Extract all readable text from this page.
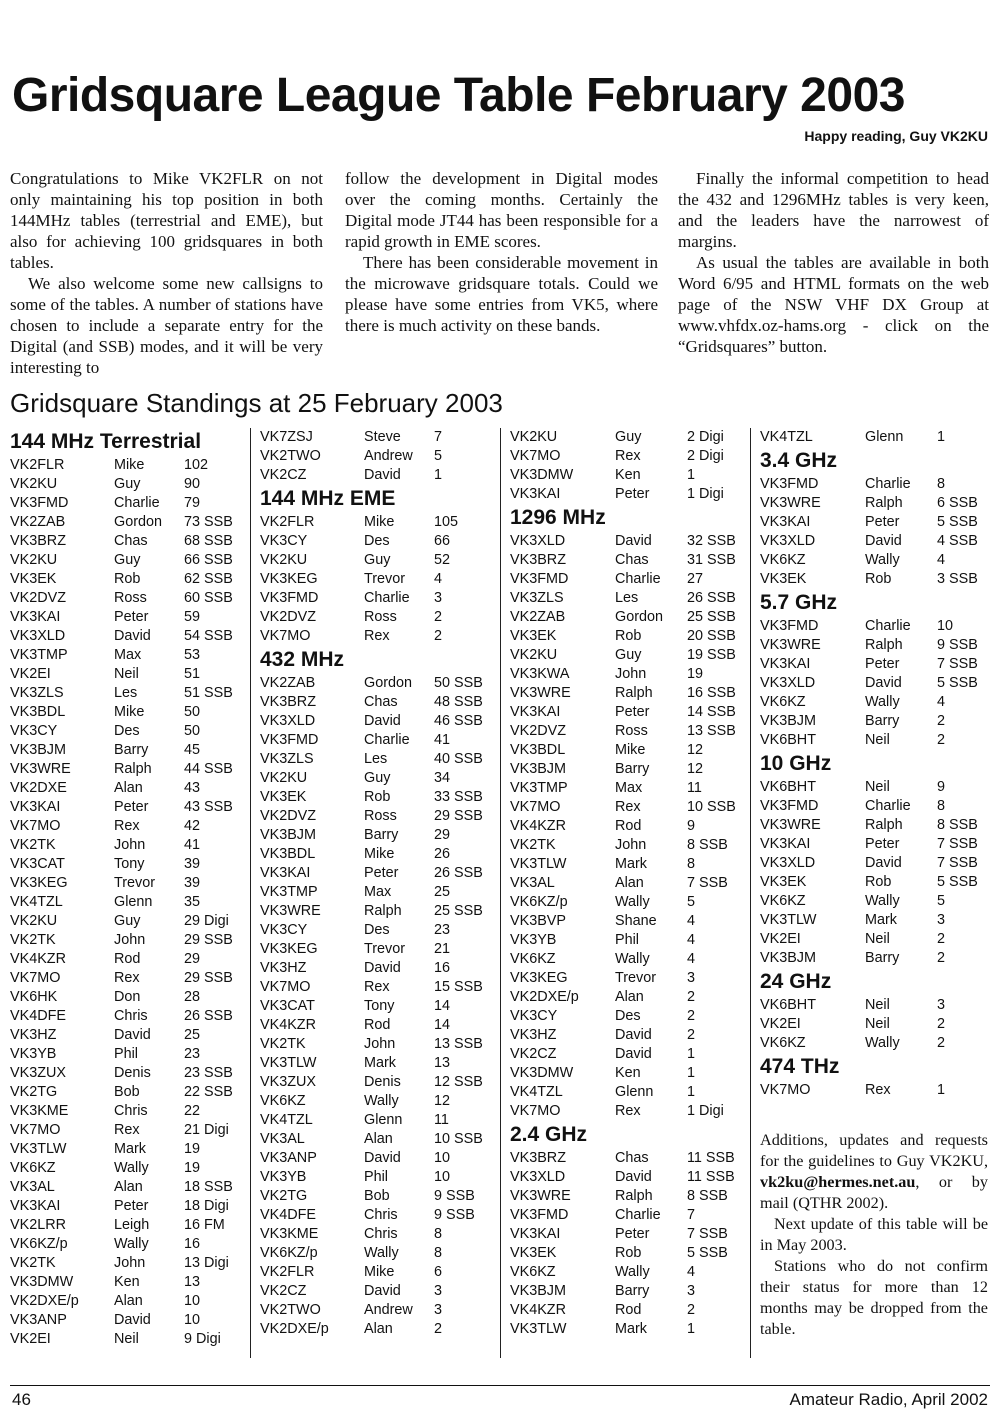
Gridsquare League Table February 2003
Happy reading, Guy VK2KU

Congratulations to Mike VK2FLR on not only maintaining his top position in both 144MHz tables (terrestrial and EME), but also for achieving 100 gridsquares in both tables.

We also welcome some new callsigns to some of the tables. A number of stations have chosen to include a separate entry for the Digital (and SSB) modes, and it will be very interesting to

follow the development in Digital modes over the coming months. Certainly the Digital mode JT44 has been responsible for a rapid growth in EME scores.

There has been considerable movement in the microwave gridsquare totals. Could we please have some entries from VK5, where there is much activity on these bands.

Finally the informal competition to head the 432 and 1296MHz tables is very keen, and the leaders have the narrowest of margins.

As usual the tables are available in both Word 6/95 and HTML formats on the web page of the NSW VHF DX Group at www.vhfdx.oz-hams.org - click on the “Gridsquares” button.

Gridsquare Standings at 25 February 2003
144 MHz Terrestrial
VK2FLR	Mike	102
VK2KU	Guy	90
VK3FMD	Charlie	79
VK2ZAB	Gordon	73 SSB
VK3BRZ	Chas	68 SSB
VK2KU	Guy	66 SSB
VK3EK	Rob	62 SSB
VK2DVZ	Ross	60 SSB
VK3KAI	Peter	59
VK3XLD	David	54 SSB
VK3TMP	Max	53
VK2EI	Neil	51
VK3ZLS	Les	51 SSB
VK3BDL	Mike	50
VK3CY	Des	50
VK3BJM	Barry	45
VK3WRE	Ralph	44 SSB
VK2DXE	Alan	43
VK3KAI	Peter	43 SSB
VK7MO	Rex	42
VK2TK	John	41
VK3CAT	Tony	39
VK3KEG	Trevor	39
VK4TZL	Glenn	35
VK2KU	Guy	29 Digi
VK2TK	John	29 SSB
VK4KZR	Rod	29
VK7MO	Rex	29 SSB
VK6HK	Don	28
VK4DFE	Chris	26 SSB
VK3HZ	David	25
VK3YB	Phil	23
VK3ZUX	Denis	23 SSB
VK2TG	Bob	22 SSB
VK3KME	Chris	22
VK7MO	Rex	21 Digi
VK3TLW	Mark	19
VK6KZ	Wally	19
VK3AL	Alan	18 SSB
VK3KAI	Peter	18 Digi
VK2LRR	Leigh	16 FM
VK6KZ/p	Wally	16
VK2TK	John	13 Digi
VK3DMW	Ken	13
VK2DXE/p	Alan	10
VK3ANP	David	10
VK2EI	Neil	9 Digi
VK7ZSJ	Steve	7
VK2TWO	Andrew	5
VK2CZ	David	1
144 MHz EME
VK2FLR	Mike	105
VK3CY	Des	66
VK2KU	Guy	52
VK3KEG	Trevor	4
VK3FMD	Charlie	3
VK2DVZ	Ross	2
VK7MO	Rex	2
432 MHz
VK2ZAB	Gordon	50 SSB
VK3BRZ	Chas	48 SSB
VK3XLD	David	46 SSB
VK3FMD	Charlie	41
VK3ZLS	Les	40 SSB
VK2KU	Guy	34
VK3EK	Rob	33 SSB
VK2DVZ	Ross	29 SSB
VK3BJM	Barry	29
VK3BDL	Mike	26
VK3KAI	Peter	26 SSB
VK3TMP	Max	25
VK3WRE	Ralph	25 SSB
VK3CY	Des	23
VK3KEG	Trevor	21
VK3HZ	David	16
VK7MO	Rex	15 SSB
VK3CAT	Tony	14
VK4KZR	Rod	14
VK2TK	John	13 SSB
VK3TLW	Mark	13
VK3ZUX	Denis	12 SSB
VK6KZ	Wally	12
VK4TZL	Glenn	11
VK3AL	Alan	10 SSB
VK3ANP	David	10
VK3YB	Phil	10
VK2TG	Bob	9 SSB
VK4DFE	Chris	9 SSB
VK3KME	Chris	8
VK6KZ/p	Wally	8
VK2FLR	Mike	6
VK2CZ	David	3
VK2TWO	Andrew	3
VK2DXE/p	Alan	2
VK2KU	Guy	2 Digi
VK7MO	Rex	2 Digi
VK3DMW	Ken	1
VK3KAI	Peter	1 Digi
1296 MHz
VK3XLD	David	32 SSB
VK3BRZ	Chas	31 SSB
VK3FMD	Charlie	27
VK3ZLS	Les	26 SSB
VK2ZAB	Gordon	25 SSB
VK3EK	Rob	20 SSB
VK2KU	Guy	19 SSB
VK3KWA	John	19
VK3WRE	Ralph	16 SSB
VK3KAI	Peter	14 SSB
VK2DVZ	Ross	13 SSB
VK3BDL	Mike	12
VK3BJM	Barry	12
VK3TMP	Max	11
VK7MO	Rex	10 SSB
VK4KZR	Rod	9
VK2TK	John	8 SSB
VK3TLW	Mark	8
VK3AL	Alan	7 SSB
VK6KZ/p	Wally	5
VK3BVP	Shane	4
VK3YB	Phil	4
VK6KZ	Wally	4
VK3KEG	Trevor	3
VK2DXE/p	Alan	2
VK3CY	Des	2
VK3HZ	David	2
VK2CZ	David	1
VK3DMW	Ken	1
VK4TZL	Glenn	1
VK7MO	Rex	1 Digi
2.4 GHz
VK3BRZ	Chas	11 SSB
VK3XLD	David	11 SSB
VK3WRE	Ralph	8 SSB
VK3FMD	Charlie	7
VK3KAI	Peter	7 SSB
VK3EK	Rob	5 SSB
VK6KZ	Wally	4
VK3BJM	Barry	3
VK4KZR	Rod	2
VK3TLW	Mark	1
VK4TZL	Glenn	1
3.4 GHz
VK3FMD	Charlie	8
VK3WRE	Ralph	6 SSB
VK3KAI	Peter	5 SSB
VK3XLD	David	4 SSB
VK6KZ	Wally	4
VK3EK	Rob	3 SSB
5.7 GHz
VK3FMD	Charlie	10
VK3WRE	Ralph	9 SSB
VK3KAI	Peter	7 SSB
VK3XLD	David	5 SSB
VK6KZ	Wally	4
VK3BJM	Barry	2
VK6BHT	Neil	2
10 GHz
VK6BHT	Neil	9
VK3FMD	Charlie	8
VK3WRE	Ralph	8 SSB
VK3KAI	Peter	7 SSB
VK3XLD	David	7 SSB
VK3EK	Rob	5 SSB
VK6KZ	Wally	5
VK3TLW	Mark	3
VK2EI	Neil	2
VK3BJM	Barry	2
24 GHz
VK6BHT	Neil	3
VK2EI	Neil	2
VK6KZ	Wally	2
474 THz
VK7MO	Rex	1

Additions, updates and requests for the guidelines to Guy VK2KU, vk2ku@hermes.net.au, or by mail (QTHR 2002).

Next update of this table will be in May 2003.

Stations who do not confirm their status for more than 12 months may be dropped from the table.

46	Amateur Radio, April 2002
